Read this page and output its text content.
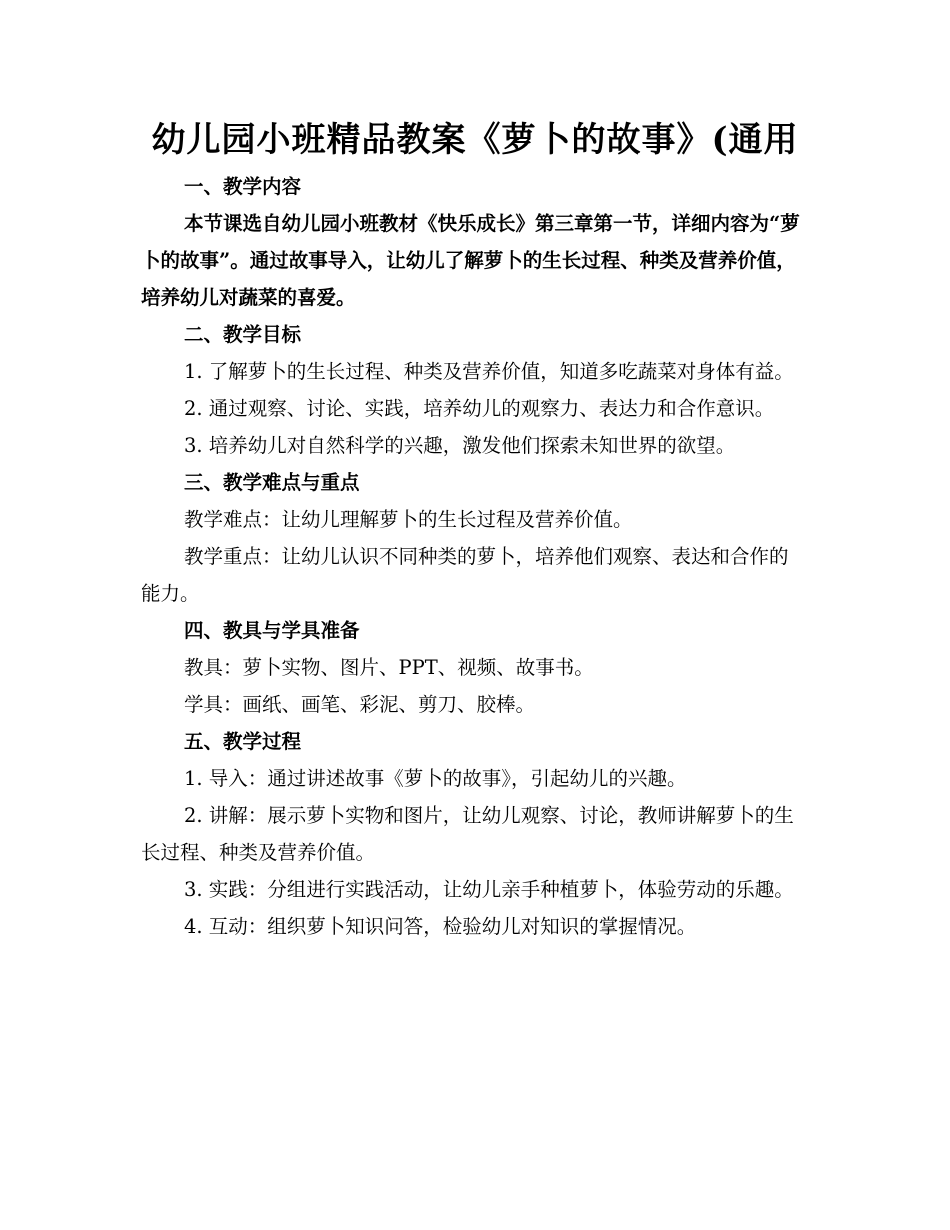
幼儿园小班精品教案《萝卜的故事》(通用

一、教学内容

本节课选自幼儿园小班教材《快乐成长》第三章第一节，详细内容为“萝卜的故事”。通过故事导入，让幼儿了解萝卜的生长过程、种类及营养价值，培养幼儿对蔬菜的喜爱。

二、教学目标

1. 了解萝卜的生长过程、种类及营养价值，知道多吃蔬菜对身体有益。

2. 通过观察、讨论、实践，培养幼儿的观察力、表达力和合作意识。

3. 培养幼儿对自然科学的兴趣，激发他们探索未知世界的欲望。

三、教学难点与重点

教学难点：让幼儿理解萝卜的生长过程及营养价值。

教学重点：让幼儿认识不同种类的萝卜，培养他们观察、表达和合作的能力。

四、教具与学具准备

教具：萝卜实物、图片、PPT、视频、故事书。

学具：画纸、画笔、彩泥、剪刀、胶棒。

五、教学过程

1. 导入：通过讲述故事《萝卜的故事》，引起幼儿的兴趣。

2. 讲解：展示萝卜实物和图片，让幼儿观察、讨论，教师讲解萝卜的生长过程、种类及营养价值。

3. 实践：分组进行实践活动，让幼儿亲手种植萝卜，体验劳动的乐趣。

4. 互动：组织萝卜知识问答，检验幼儿对知识的掌握情况。
